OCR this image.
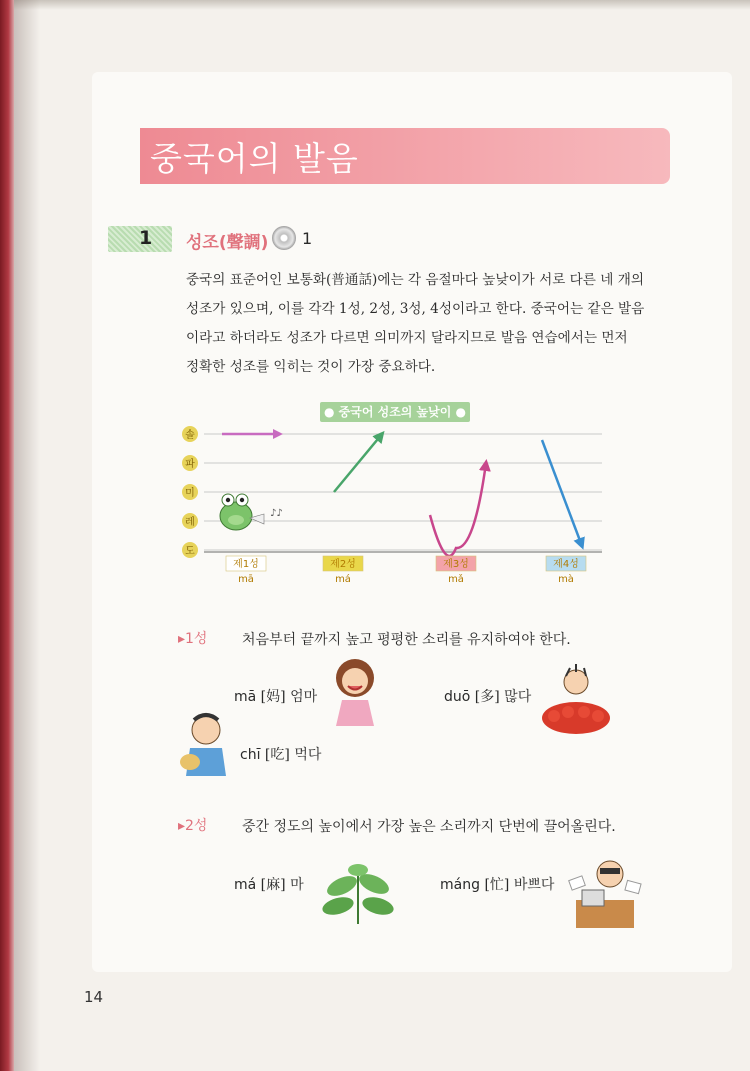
중국어의 발음
1 성조(聲調) 1
중국의 표준어인 보통화(普通話)에는 각 음절마다 높낮이가 서로 다른 네 개의
성조가 있으며, 이를 각각 1성, 2성, 3성, 4성이라고 한다. 중국어는 같은 발음
이라고 하더라도 성조가 다르면 의미까지 달라지므로 발음 연습에서는 먼저
정확한 성조를 익히는 것이 가장 중요하다.
솔
파
미
레
도
제1성
mā
제2성
má
제3성
mǎ
제4성
mà
● 중국어 성조의 높낮이 ●
♪♪
▸1성 처음부터 끝까지 높고 평평한 소리를 유지하여야 한다.
mā [妈] 엄마	duō [多] 많다
chī [吃] 먹다
▸2성 중간 정도의 높이에서 가장 높은 소리까지 단번에 끌어올린다.
má [麻] 마	máng [忙] 바쁘다
14
